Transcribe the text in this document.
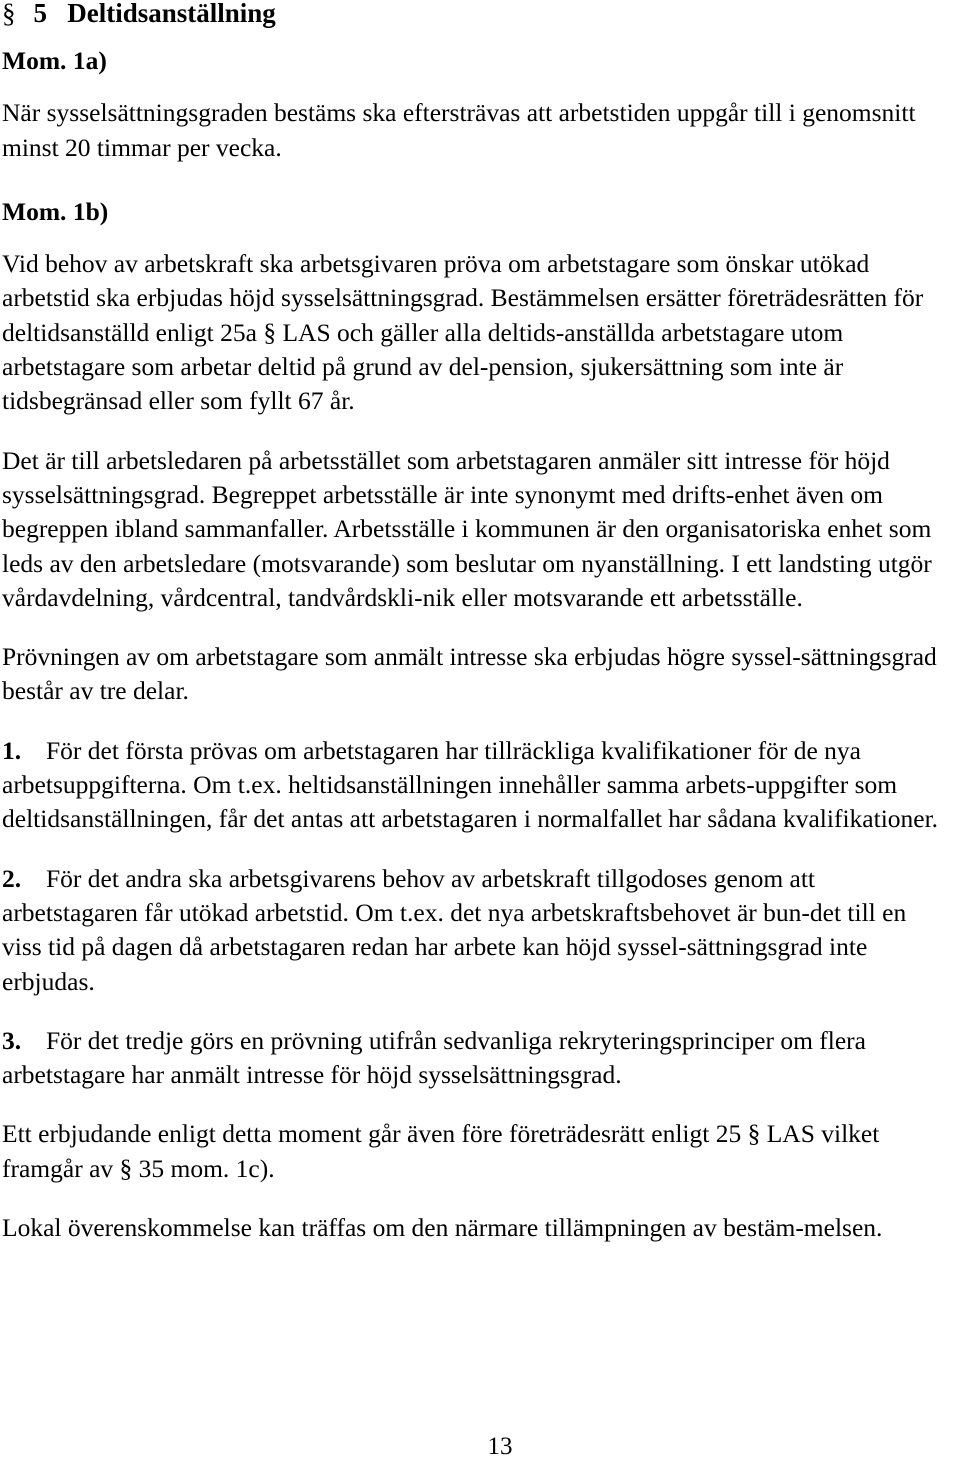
§ 5 Deltidsanställning

Mom. 1a)

När sysselsättningsgraden bestäms ska eftersträvas att arbetstiden uppgår till i genomsnitt minst 20 timmar per vecka.

Mom. 1b)

Vid behov av arbetskraft ska arbetsgivaren pröva om arbetstagare som önskar utökad arbetstid ska erbjudas höjd sysselsättningsgrad. Bestämmelsen ersätter företrädesrätten för deltidsanställd enligt 25a § LAS och gäller alla deltids-anställda arbetstagare utom arbetstagare som arbetar deltid på grund av del-pension, sjukersättning som inte är tidsbegränsad eller som fyllt 67 år.

Det är till arbetsledaren på arbetsstället som arbetstagaren anmäler sitt intresse för höjd sysselsättningsgrad. Begreppet arbetsställe är inte synonymt med drifts-enhet även om begreppen ibland sammanfaller. Arbetsställe i kommunen är den organisatoriska enhet som leds av den arbetsledare (motsvarande) som beslutar om nyanställning. I ett landsting utgör vårdavdelning, vårdcentral, tandvårdskli-nik eller motsvarande ett arbetsställe.

Prövningen av om arbetstagare som anmält intresse ska erbjudas högre syssel-sättningsgrad består av tre delar.

1. För det första prövas om arbetstagaren har tillräckliga kvalifikationer för de nya arbetsuppgifterna. Om t.ex. heltidsanställningen innehåller samma arbets-uppgifter som deltidsanställningen, får det antas att arbetstagaren i normalfallet har sådana kvalifikationer.

2. För det andra ska arbetsgivarens behov av arbetskraft tillgodoses genom att arbetstagaren får utökad arbetstid. Om t.ex. det nya arbetskraftsbehovet är bun-det till en viss tid på dagen då arbetstagaren redan har arbete kan höjd syssel-sättningsgrad inte erbjudas.

3. För det tredje görs en prövning utifrån sedvanliga rekryteringsprinciper om flera arbetstagare har anmält intresse för höjd sysselsättningsgrad.

Ett erbjudande enligt detta moment går även före företrädesrätt enligt 25 § LAS vilket framgår av § 35 mom. 1c).

Lokal överenskommelse kan träffas om den närmare tillämpningen av bestäm-melsen.

13
